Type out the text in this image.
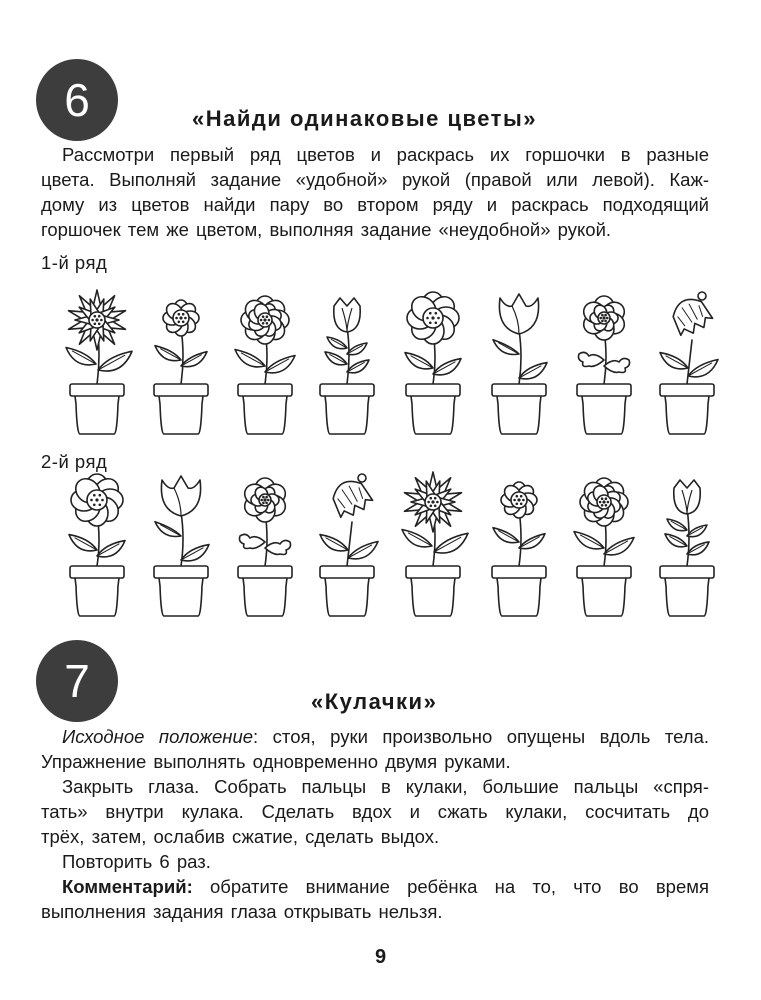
6	«Найди одинаковые цветы»
Рассмотри первый ряд цветов и раскрась их горшочки в разные
цвета. Выполняй задание «удобной» рукой (правой или левой). Каж-
дому из цветов найди пару во втором ряду и раскрась подходящий
горшочек тем же цветом, выполняя задание «неудобной» рукой.
1-й ряд
2-й ряд
7	«Кулачки»
Исходное положение: стоя, руки произвольно опущены вдоль тела.
Упражнение выполнять одновременно двумя руками.
Закрыть глаза. Собрать пальцы в кулаки, большие пальцы «спря-
тать» внутри кулака. Сделать вдох и сжать кулаки, сосчитать до
трёх, затем, ослабив сжатие, сделать выдох.
Повторить 6 раз.
Комментарий: обратите внимание ребёнка на то, что во время
выполнения задания глаза открывать нельзя.
9
